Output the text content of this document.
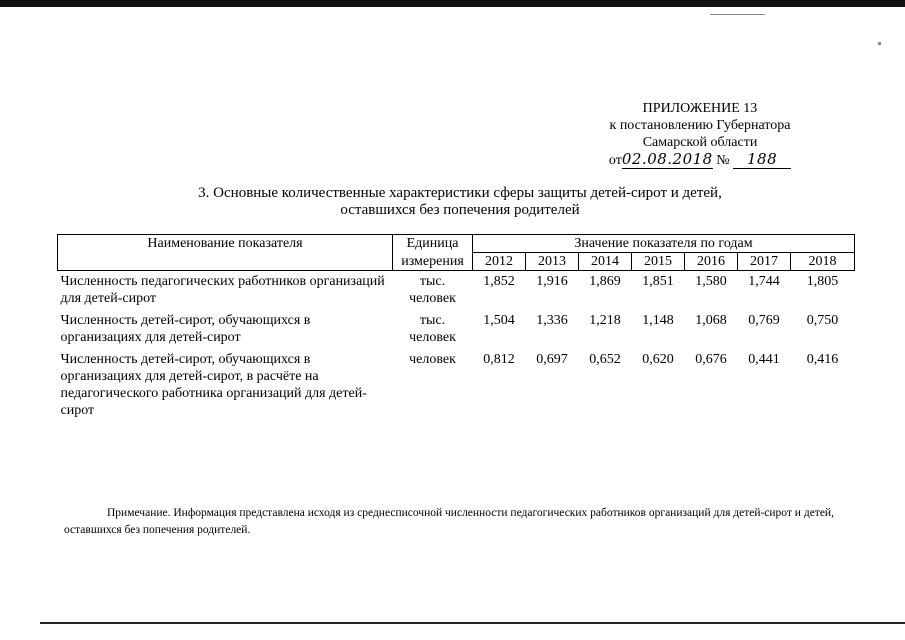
ПРИЛОЖЕНИЕ 13
к постановлению Губернатора
Самарской области
от02.08.2018 № 188
3. Основные количественные характеристики сферы защиты детей-сирот и детей,
оставшихся без попечения родителей
Наименование показателя	Единица	Значение показателя по годам						
	измерения	2012	2013	2014	2015	2016	2017	2018
Численность педагогических работников организаций для детей-сирот	тыс. человек	1,852	1,916	1,869	1,851	1,580	1,744	1,805
Численность детей-сирот, обучающихся в организациях для детей-сирот	тыс. человек	1,504	1,336	1,218	1,148	1,068	0,769	0,750
Численность детей-сирот, обучающихся в организациях для детей-сирот, в расчёте на педагогического работника организаций для детей-сирот	человек	0,812	0,697	0,652	0,620	0,676	0,441	0,416
Примечание. Информация представлена исходя из среднесписочной численности педагогических работников организаций для детей-сирот и детей, оставшихся без попечения родителей.
